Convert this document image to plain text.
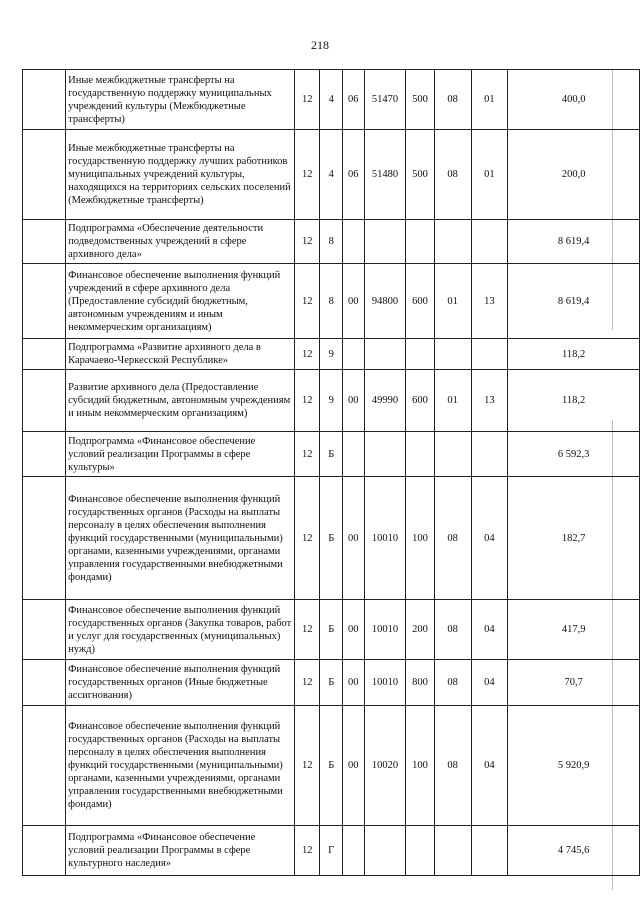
218
	Иные межбюджетные трансферты на государственную поддержку муниципальных учреждений культуры (Межбюджетные трансферты)	12	4	06	51470	500	08	01	400,0
	Иные межбюджетные трансферты на государственную поддержку лучших работников муниципальных учреждений культуры, находящихся на территориях сельских поселений (Межбюджетные трансферты)	12	4	06	51480	500	08	01	200,0
	Подпрограмма «Обеспечение деятельности подведомственных учреждений в сфере архивного дела»	12	8						8 619,4
	Финансовое обеспечение выполнения функций учреждений в сфере архивного дела (Предоставление субсидий бюджетным, автономным учреждениям и иным некоммерческим организациям)	12	8	00	94800	600	01	13	8 619,4
	Подпрограмма «Развитие архивного дела в Карачаево-Черкесской Республике»	12	9						118,2
	Развитие архивного дела (Предоставление субсидий бюджетным, автономным учреждениям и иным некоммерческим организациям)	12	9	00	49990	600	01	13	118,2
	Подпрограмма «Финансовое обеспечение условий реализации Программы в сфере культуры»	12	Б						6 592,3
	Финансовое обеспечение выполнения функций государственных органов (Расходы на выплаты персоналу в целях обеспечения выполнения функций государственными (муниципальными) органами, казенными учреждениями, органами управления государственными внебюджетными фондами)	12	Б	00	10010	100	08	04	182,7
	Финансовое обеспечение выполнения функций государственных органов (Закупка товаров, работ и услуг для государственных (муниципальных) нужд)	12	Б	00	10010	200	08	04	417,9
	Финансовое обеспечение выполнения функций государственных органов (Иные бюджетные ассигнования)	12	Б	00	10010	800	08	04	70,7
	Финансовое обеспечение выполнения функций государственных органов (Расходы на выплаты персоналу в целях обеспечения выполнения функций государственными (муниципальными) органами, казенными учреждениями, органами управления государственными внебюджетными фондами)	12	Б	00	10020	100	08	04	5 920,9
	Подпрограмма «Финансовое обеспечение условий реализации Программы в сфере культурного наследия»	12	Г						4 745,6
